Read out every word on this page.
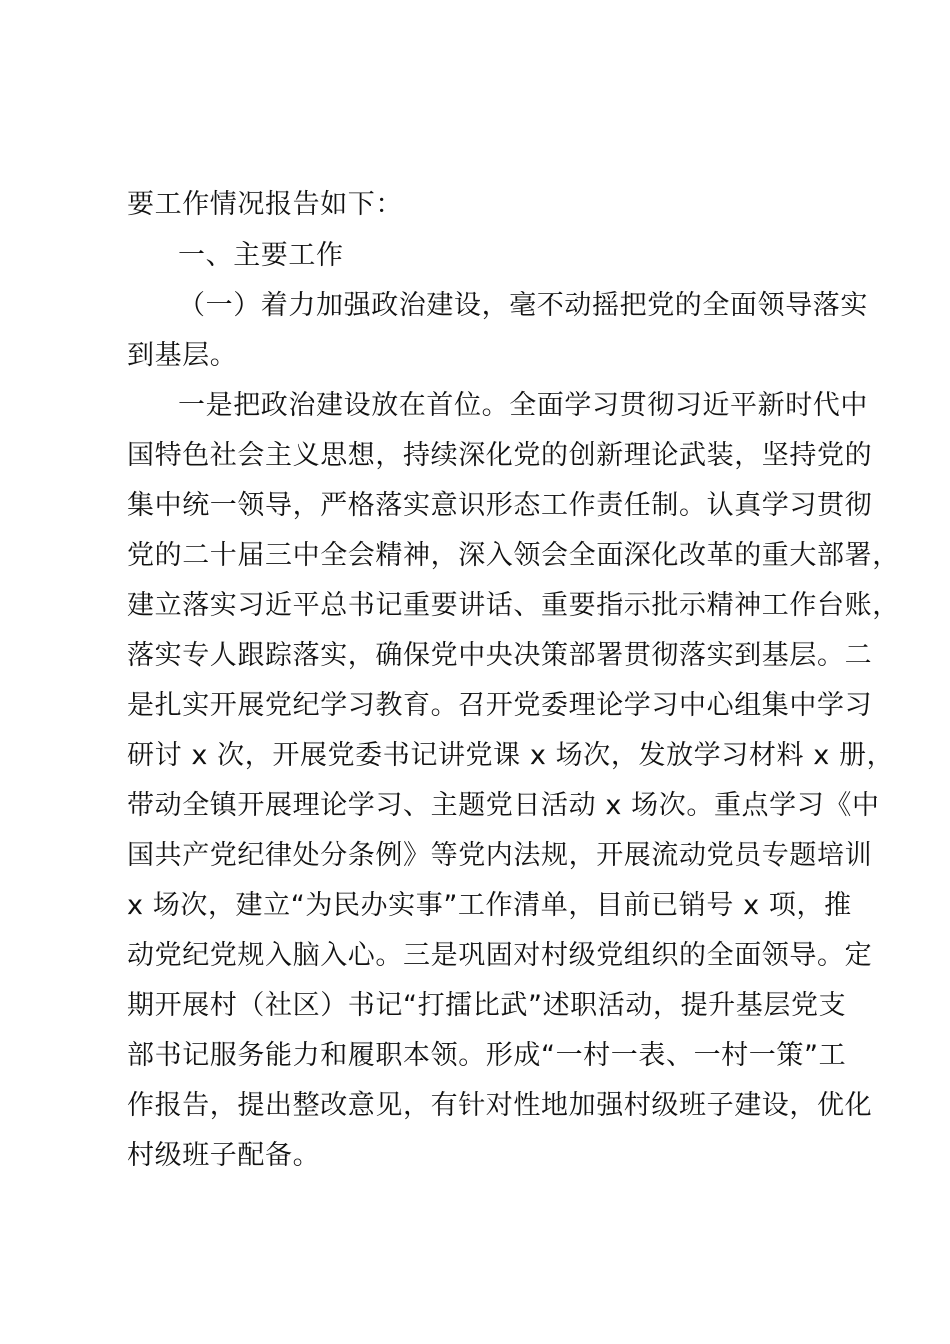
要工作情况报告如下：
一、主要工作
（一）着力加强政治建设，毫不动摇把党的全面领导落实
到基层。
一是把政治建设放在首位。全面学习贯彻习近平新时代中
国特色社会主义思想，持续深化党的创新理论武装，坚持党的
集中统一领导，严格落实意识形态工作责任制。认真学习贯彻
党的二十届三中全会精神，深入领会全面深化改革的重大部署，
建立落实习近平总书记重要讲话、重要指示批示精神工作台账，
落实专人跟踪落实，确保党中央决策部署贯彻落实到基层。二
是扎实开展党纪学习教育。召开党委理论学习中心组集中学习
研讨 x 次，开展党委书记讲党课 x 场次，发放学习材料 x 册，
带动全镇开展理论学习、主题党日活动 x 场次。重点学习《中
国共产党纪律处分条例》等党内法规，开展流动党员专题培训
x 场次，建立“为民办实事”工作清单，目前已销号 x 项，推
动党纪党规入脑入心。三是巩固对村级党组织的全面领导。定
期开展村（社区）书记“打擂比武”述职活动，提升基层党支
部书记服务能力和履职本领。形成“一村一表、一村一策”工
作报告，提出整改意见，有针对性地加强村级班子建设，优化
村级班子配备。
